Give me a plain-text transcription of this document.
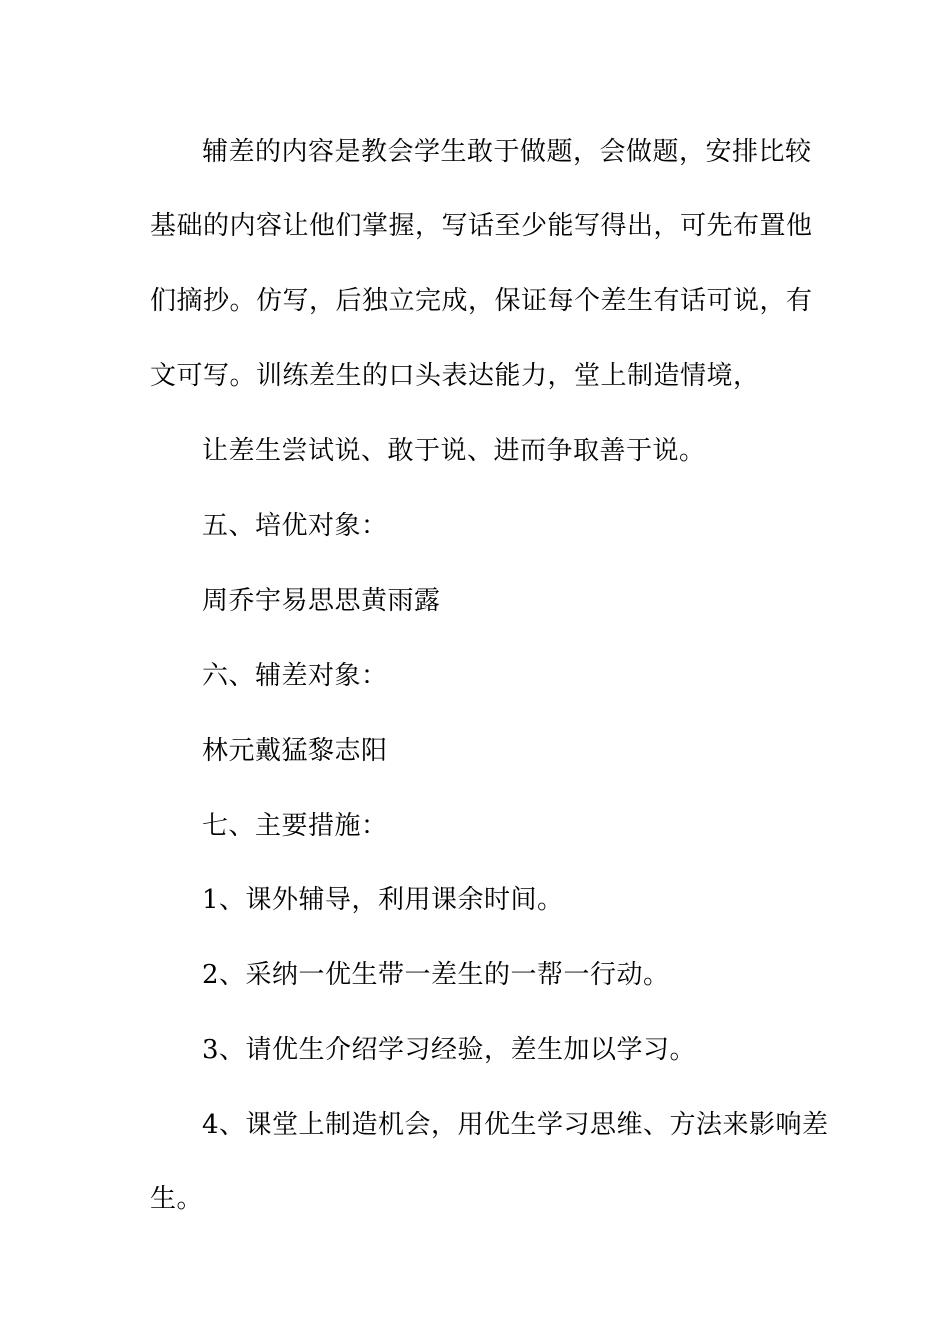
辅差的内容是教会学生敢于做题，会做题，安排比较
基础的内容让他们掌握，写话至少能写得出，可先布置他
们摘抄。仿写，后独立完成，保证每个差生有话可说，有
文可写。训练差生的口头表达能力，堂上制造情境，
让差生尝试说、敢于说、进而争取善于说。
五、培优对象：
周乔宇易思思黄雨露
六、辅差对象：
林元戴猛黎志阳
七、主要措施：
1、课外辅导，利用课余时间。
2、采纳一优生带一差生的一帮一行动。
3、请优生介绍学习经验，差生加以学习。
4、课堂上制造机会，用优生学习思维、方法来影响差
生。
